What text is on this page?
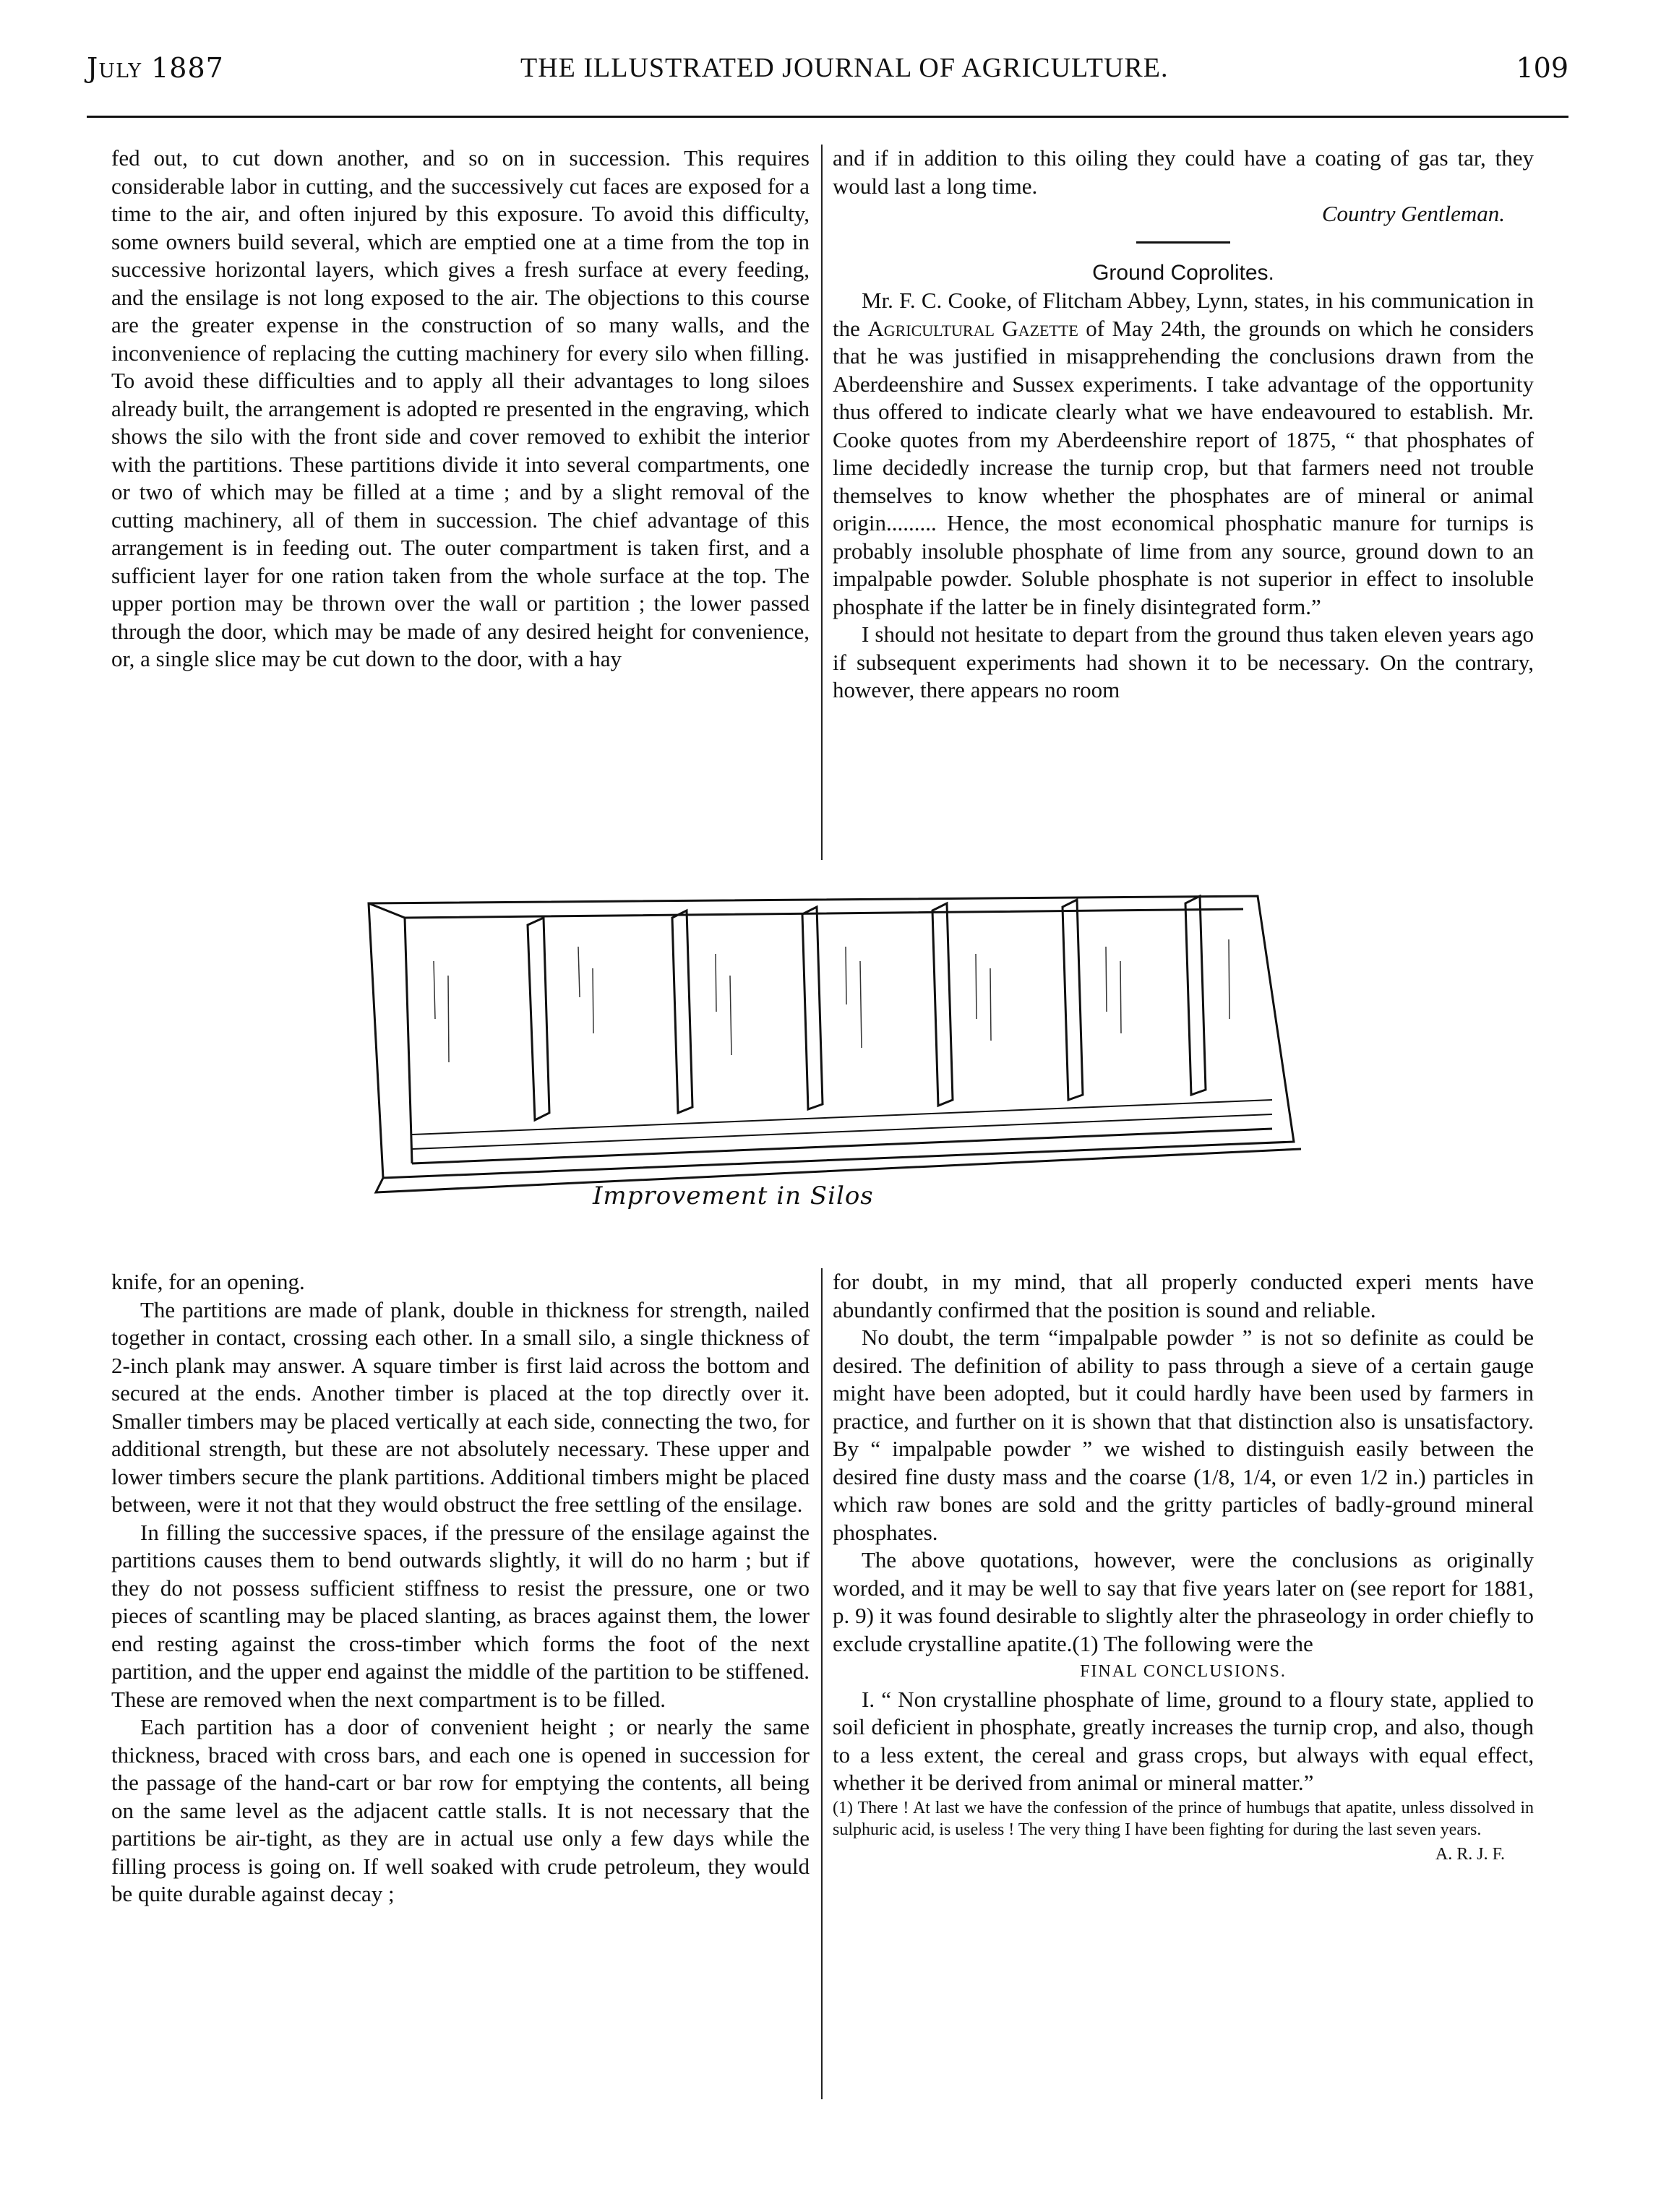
July 1887	THE ILLUSTRATED JOURNAL OF AGRICULTURE.	109

fed out, to cut down another, and so on in succession. This requires considerable labor in cutting, and the successively cut faces are exposed for a time to the air, and often injured by this exposure. To avoid this difficulty, some owners build several, which are emptied one at a time from the top in successive horizontal layers, which gives a fresh surface at every feeding, and the ensilage is not long exposed to the air. The objections to this course are the greater expense in the construction of so many walls, and the inconvenience of replacing the cutting machinery for every silo when filling. To avoid these difficulties and to apply all their advantages to long siloes already built, the arrangement is adopted re presented in the engraving, which shows the silo with the front side and cover removed to exhibit the interior with the partitions. These partitions divide it into several compartments, one or two of which may be filled at a time ; and by a slight removal of the cutting machinery, all of them in succession. The chief advantage of this arrangement is in feeding out. The outer compartment is taken first, and a sufficient layer for one ration taken from the whole surface at the top. The upper portion may be thrown over the wall or partition ; the lower passed through the door, which may be made of any desired height for convenience, or, a single slice may be cut down to the door, with a hay

and if in addition to this oiling they could have a coating of gas tar, they would last a long time.

Country Gentleman.

Ground Coprolites.

Mr. F. C. Cooke, of Flitcham Abbey, Lynn, states, in his communication in the Agricultural Gazette of May 24th, the grounds on which he considers that he was justified in misapprehending the conclusions drawn from the Aberdeenshire and Sussex experiments. I take advantage of the opportunity thus offered to indicate clearly what we have endeavoured to establish. Mr. Cooke quotes from my Aberdeenshire report of 1875, “ that phosphates of lime decidedly increase the turnip crop, but that farmers need not trouble themselves to know whether the phosphates are of mineral or animal origin......... Hence, the most economical phosphatic manure for turnips is probably insoluble phosphate of lime from any source, ground down to an impalpable powder. Soluble phosphate is not superior in effect to insoluble phosphate if the latter be in finely disintegrated form.”

I should not hesitate to depart from the ground thus taken eleven years ago if subsequent experiments had shown it to be necessary. On the contrary, however, there appears no room

Improvement in Silos

knife, for an opening.

The partitions are made of plank, double in thickness for strength, nailed together in contact, crossing each other. In a small silo, a single thickness of 2-inch plank may answer. A square timber is first laid across the bottom and secured at the ends. Another timber is placed at the top directly over it. Smaller timbers may be placed vertically at each side, connecting the two, for additional strength, but these are not absolutely necessary. These upper and lower timbers secure the plank partitions. Additional timbers might be placed between, were it not that they would obstruct the free settling of the ensilage.

In filling the successive spaces, if the pressure of the ensilage against the partitions causes them to bend outwards slightly, it will do no harm ; but if they do not possess sufficient stiffness to resist the pressure, one or two pieces of scantling may be placed slanting, as braces against them, the lower end resting against the cross-timber which forms the foot of the next partition, and the upper end against the middle of the partition to be stiffened. These are removed when the next compartment is to be filled.

Each partition has a door of convenient height ; or nearly the same thickness, braced with cross bars, and each one is opened in succession for the passage of the hand-cart or bar row for emptying the contents, all being on the same level as the adjacent cattle stalls. It is not necessary that the partitions be air-tight, as they are in actual use only a few days while the filling process is going on. If well soaked with crude petroleum, they would be quite durable against decay ;

for doubt, in my mind, that all properly conducted experi ments have abundantly confirmed that the position is sound and reliable.

No doubt, the term “impalpable powder ” is not so definite as could be desired. The definition of ability to pass through a sieve of a certain gauge might have been adopted, but it could hardly have been used by farmers in practice, and further on it is shown that that distinction also is unsatisfactory. By “ impalpable powder ” we wished to distinguish easily between the desired fine dusty mass and the coarse (1/8, 1/4, or even 1/2 in.) particles in which raw bones are sold and the gritty particles of badly-ground mineral phosphates.

The above quotations, however, were the conclusions as originally worded, and it may be well to say that five years later on (see report for 1881, p. 9) it was found desirable to slightly alter the phraseology in order chiefly to exclude crystalline apatite.(1) The following were the

FINAL CONCLUSIONS.

I. “ Non crystalline phosphate of lime, ground to a floury state, applied to soil deficient in phosphate, greatly increases the turnip crop, and also, though to a less extent, the cereal and grass crops, but always with equal effect, whether it be derived from animal or mineral matter.”

(1) There ! At last we have the confession of the prince of humbugs that apatite, unless dissolved in sulphuric acid, is useless ! The very thing I have been fighting for during the last seven years.

A. R. J. F.
